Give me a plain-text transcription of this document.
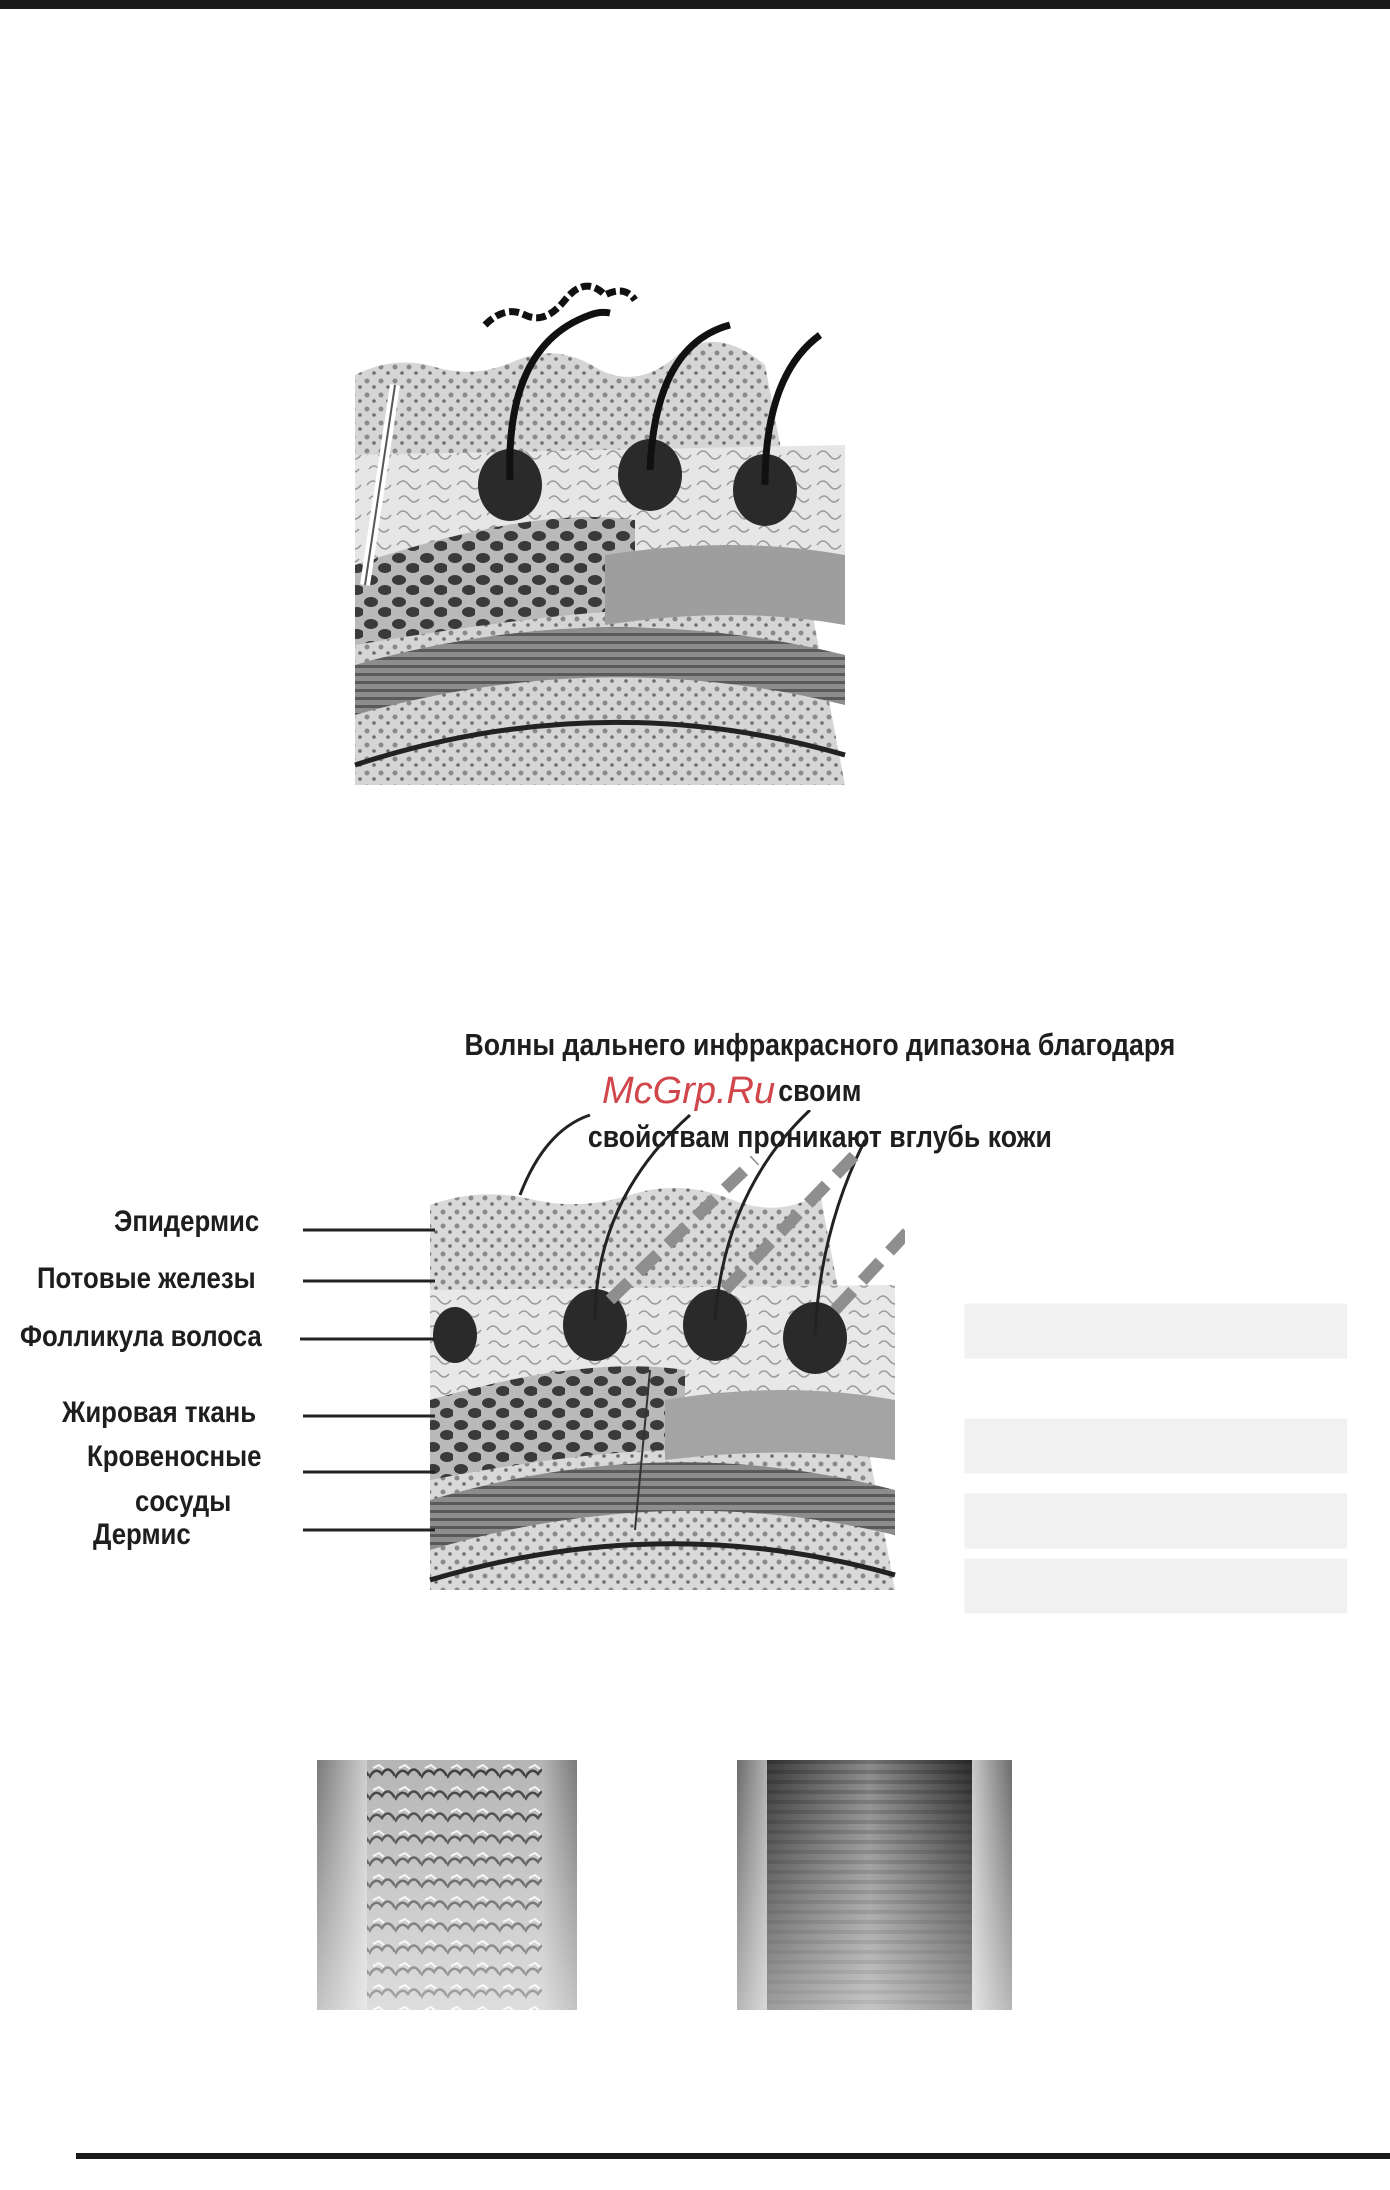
Волны дальнего инфракрасного дипазона благодаря своим
свойствам проникают вглубь кожи
McGrp.Ru
▆▆▆▆▆▆▆▆
▆▆▆▆▆▆▆▆
▆▆▆▆▆▆▆▆
▆▆▆▆▆▆▆▆
Эпидермис
Потовые железы
Фолликула волоса
Жировая ткань
Кровеносные
сосуды
Дермис
